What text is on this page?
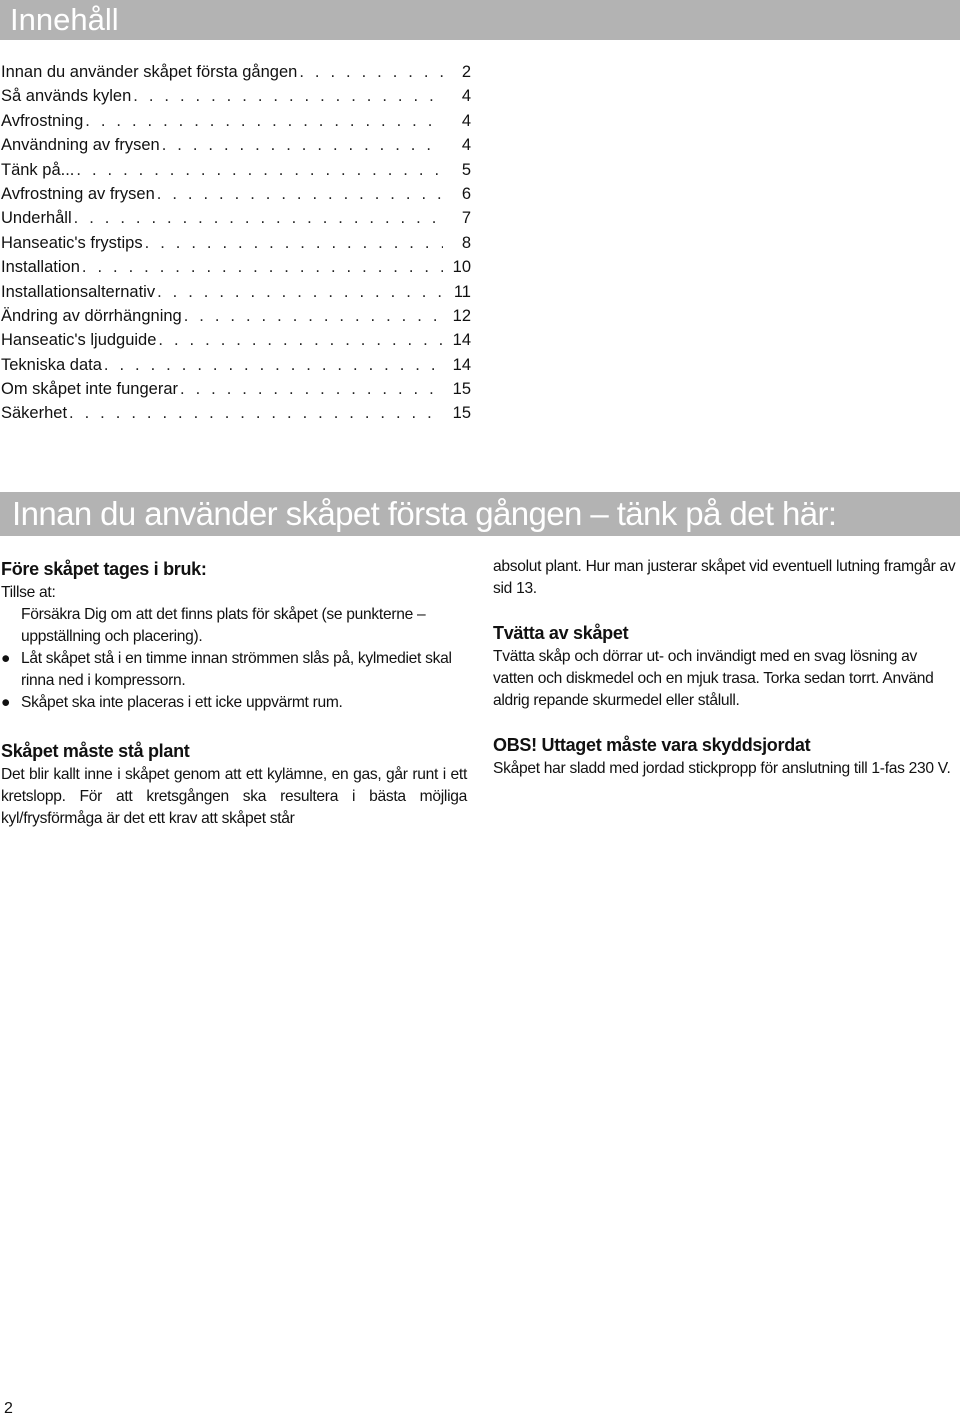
Innehåll
Innan du använder skåpet första gången . . .	2
Så används kylen . . .	4
Avfrostning . . .	4
Användning av frysen . . .	4
Tänk på... . . .	5
Avfrostning av frysen . . .	6
Underhåll . . .	7
Hanseatic's frystips . . .	8
Installation . . .	10
Installationsalternativ . . .	11
Ändring av dörrhängning . . .	12
Hanseatic's ljudguide . . .	14
Tekniska data . . .	14
Om skåpet inte fungerar . . .	15
Säkerhet . . .	15
Innan du använder skåpet första gången – tänk på det här:
Före skåpet tages i bruk:

Tillse at:

Försäkra Dig om att det finns plats för skåpet (se punkterne – uppställning och placering).

● Låt skåpet stå i en timme innan strömmen slås på, kylmediet skal rinna ned i kompressorn.
● Skåpet ska inte placeras i ett icke uppvärmt rum.
Skåpet måste stå plant

Det blir kallt inne i skåpet genom att ett kylämne, en gas, går runt i ett kretslopp. För att kretsgången ska resultera i bästa möjliga kyl/frysförmåga är det ett krav att skåpet står

absolut plant. Hur man justerar skåpet vid eventuell lutning framgår av sid 13.

Tvätta av skåpet

Tvätta skåp och dörrar ut- och invändigt med en svag lösning av vatten och diskmedel och en mjuk trasa. Torka sedan torrt. Använd aldrig repande skurmedel eller stålull.

OBS! Uttaget måste vara skyddsjordat

Skåpet har sladd med jordad stickpropp för anslutning till 1-fas 230 V.

2
